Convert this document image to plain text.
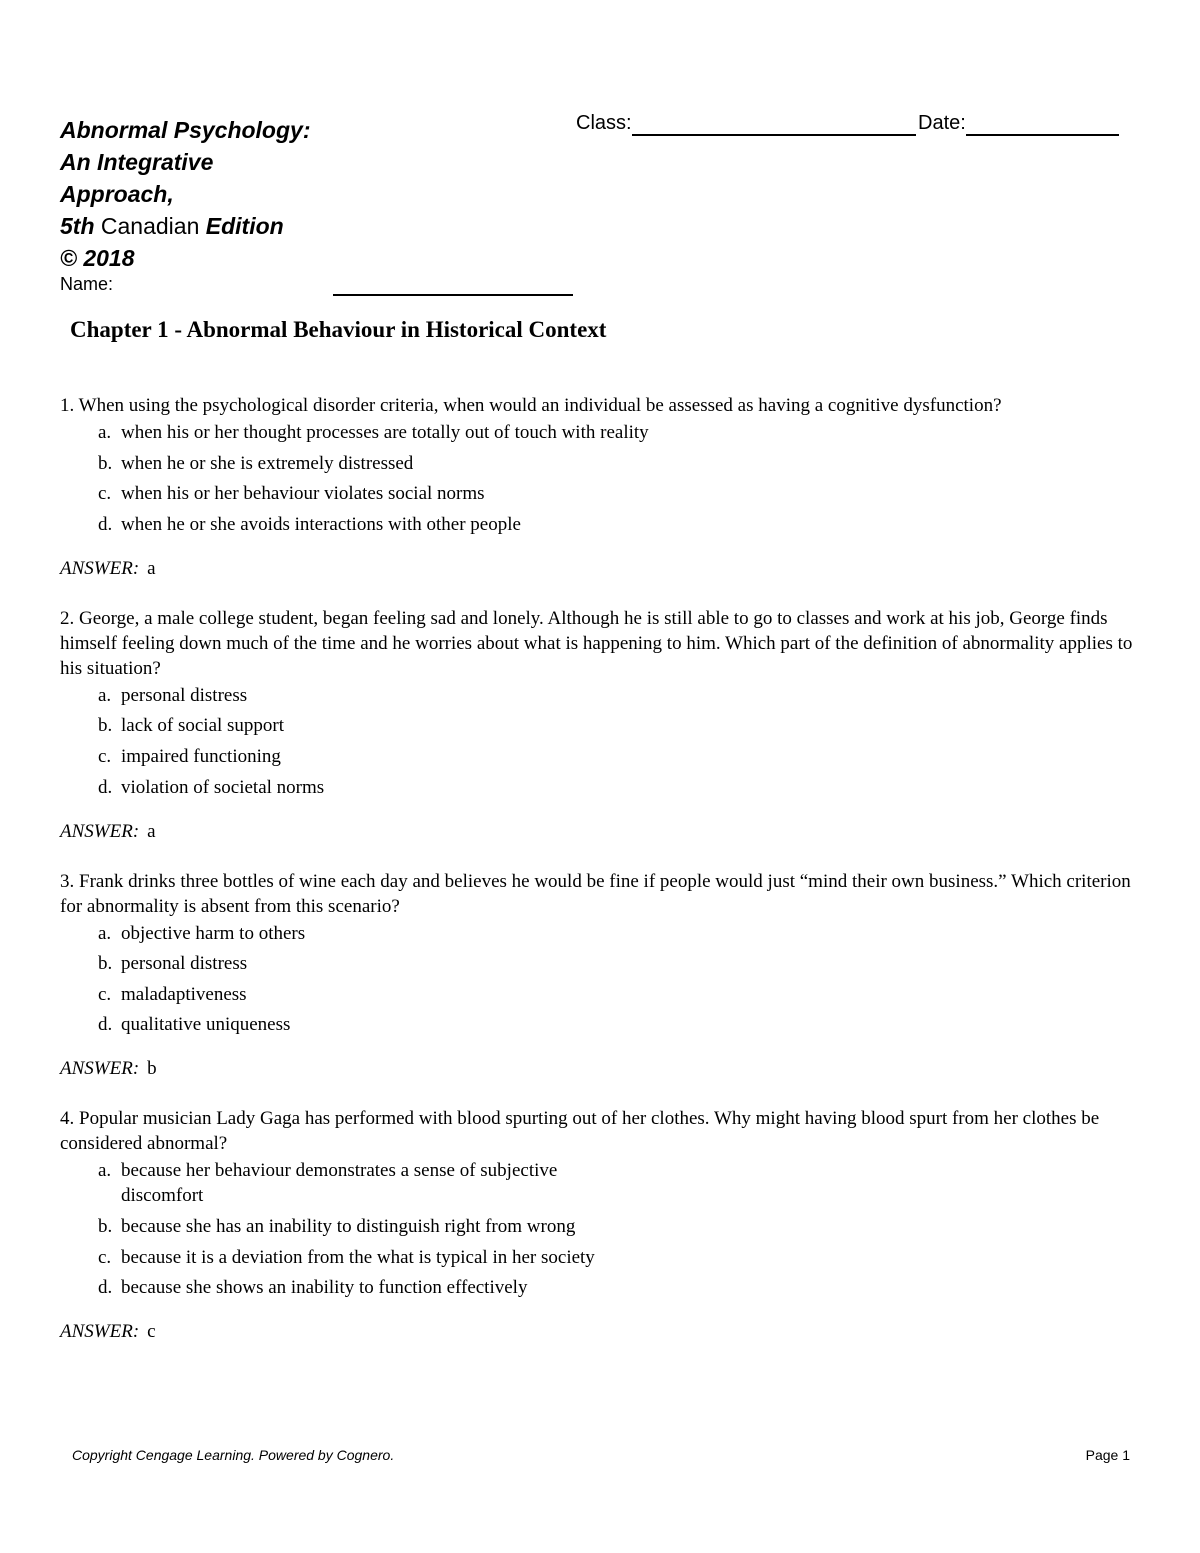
Abnormal Psychology:
An Integrative
Approach,
5th Canadian Edition
© 2018
Name:
Class:	Date:
Chapter 1 - Abnormal Behaviour in Historical Context

1. When using the psychological disorder criteria, when would an individual be assessed as having a cognitive dysfunction?

a. when his or her thought processes are totally out of touch with reality
b. when he or she is extremely distressed
c. when his or her behaviour violates social norms
d. when he or she avoids interactions with other people
ANSWER: a

2. George, a male college student, began feeling sad and lonely. Although he is still able to go to classes and work at his job, George finds himself feeling down much of the time and he worries about what is happening to him. Which part of the definition of abnormality applies to his situation?

a. personal distress
b. lack of social support
c. impaired functioning
d. violation of societal norms
ANSWER: a

3. Frank drinks three bottles of wine each day and believes he would be fine if people would just “mind their own business.” Which criterion for abnormality is absent from this scenario?

a. objective harm to others
b. personal distress
c. maladaptiveness
d. qualitative uniqueness
ANSWER: b

4. Popular musician Lady Gaga has performed with blood spurting out of her clothes. Why might having blood spurt from her clothes be considered abnormal?

a. because her behaviour demonstrates a sense of subjective discomfort
b. because she has an inability to distinguish right from wrong
c. because it is a deviation from the what is typical in her society
d. because she shows an inability to function effectively
ANSWER: c
Copyright Cengage Learning. Powered by Cognero.	Page 1
